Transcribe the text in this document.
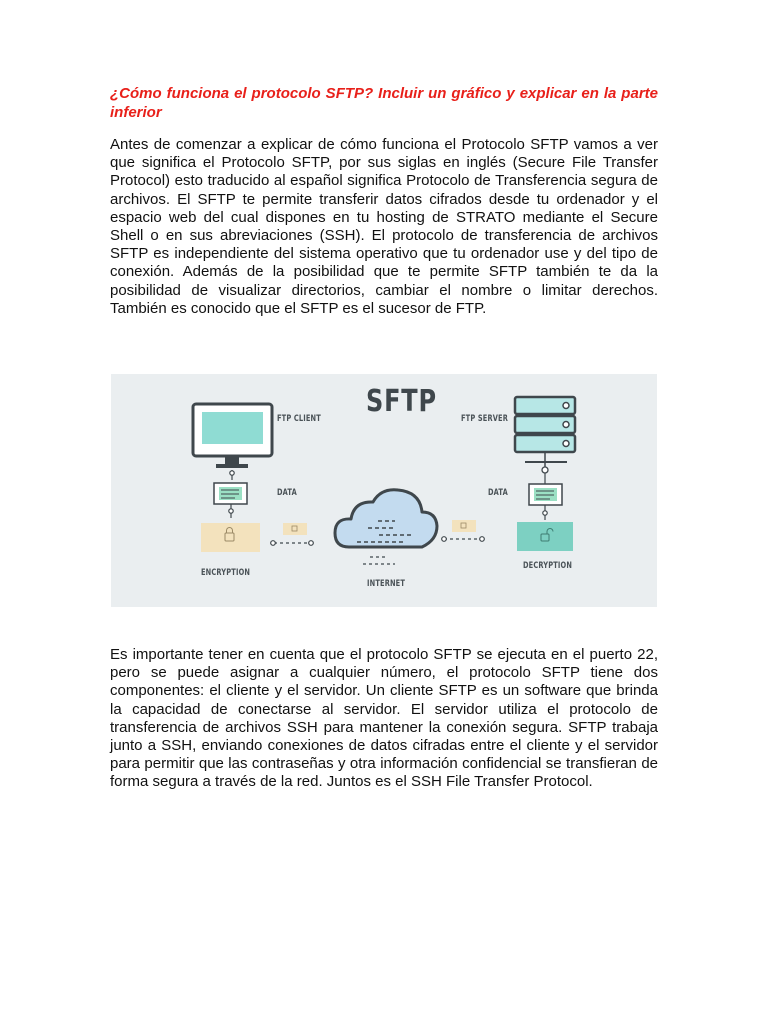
¿Cómo funciona el protocolo SFTP? Incluir un gráfico y explicar en la parte inferior

Antes de comenzar a explicar de cómo funciona el Protocolo SFTP vamos a ver que significa el Protocolo SFTP, por sus siglas en inglés (Secure File Transfer Protocol) esto traducido al español significa Protocolo de Transferencia segura de archivos. El SFTP te permite transferir datos cifrados desde tu ordenador y el espacio web del cual dispones en tu hosting de STRATO mediante el Secure Shell o en sus abreviaciones (SSH). El protocolo de transferencia de archivos SFTP es independiente del sistema operativo que tu ordenador use y del tipo de conexión. Además de la posibilidad que te permite SFTP también te da la posibilidad de visualizar directorios, cambiar el nombre o limitar derechos. También es conocido que el SFTP es el sucesor de FTP.

SFTP
FTP CLIENT	FTP SERVER
DATA	DATA
ENCRYPTION
DECRYPTION
INTERNET

Es importante tener en cuenta que el protocolo SFTP se ejecuta en el puerto 22, pero se puede asignar a cualquier número, el protocolo SFTP tiene dos componentes: el cliente y el servidor. Un cliente SFTP es un software que brinda la capacidad de conectarse al servidor. El servidor utiliza el protocolo de transferencia de archivos SSH para mantener la conexión segura. SFTP trabaja junto a SSH, enviando conexiones de datos cifradas entre el cliente y el servidor para permitir que las contraseñas y otra información confidencial se transfieran de forma segura a través de la red. Juntos es el SSH File Transfer Protocol.
